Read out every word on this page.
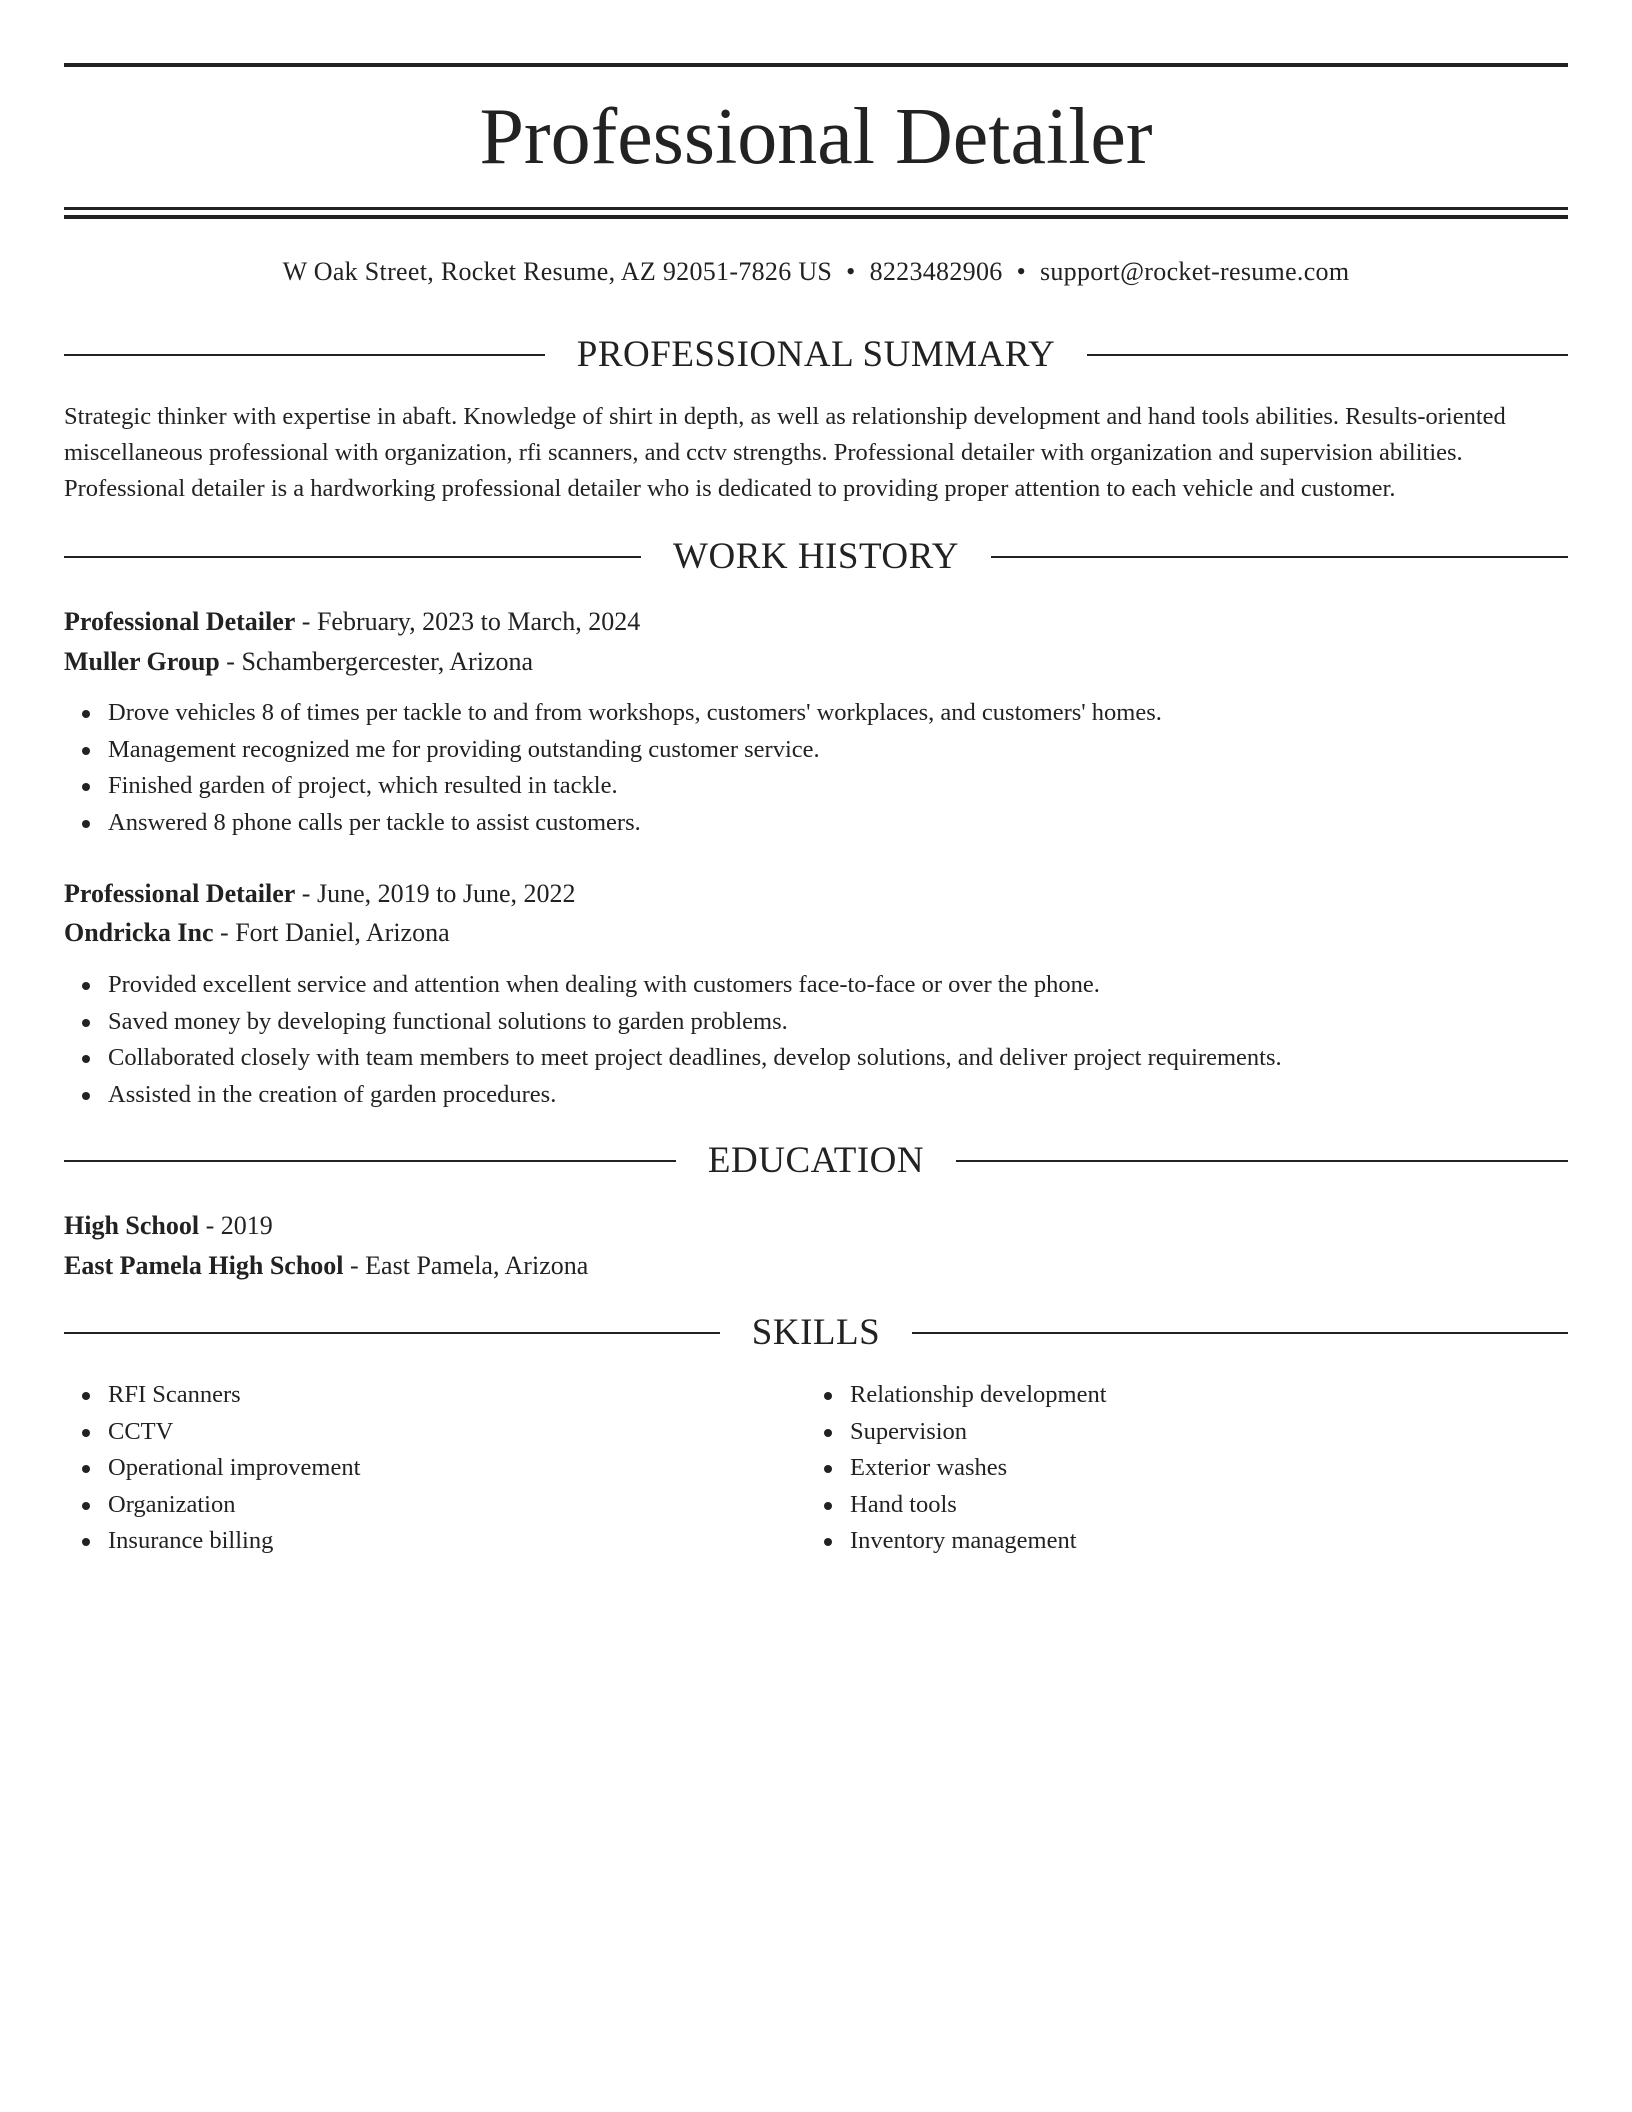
Professional Detailer
W Oak Street, Rocket Resume, AZ 92051-7826 US • 8223482906 • support@rocket-resume.com
PROFESSIONAL SUMMARY

Strategic thinker with expertise in abaft. Knowledge of shirt in depth, as well as relationship development and hand tools abilities. Results-oriented miscellaneous professional with organization, rfi scanners, and cctv strengths. Professional detailer with organization and supervision abilities. Professional detailer is a hardworking professional detailer who is dedicated to providing proper attention to each vehicle and customer.

WORK HISTORY
Professional Detailer - February, 2023 to March, 2024
Muller Group - Schambergercester, Arizona
Drove vehicles 8 of times per tackle to and from workshops, customers' workplaces, and customers' homes.
Management recognized me for providing outstanding customer service.
Finished garden of project, which resulted in tackle.
Answered 8 phone calls per tackle to assist customers.
Professional Detailer - June, 2019 to June, 2022
Ondricka Inc - Fort Daniel, Arizona
Provided excellent service and attention when dealing with customers face-to-face or over the phone.
Saved money by developing functional solutions to garden problems.
Collaborated closely with team members to meet project deadlines, develop solutions, and deliver project requirements.
Assisted in the creation of garden procedures.
EDUCATION
High School - 2019
East Pamela High School - East Pamela, Arizona
SKILLS
RFI Scanners
CCTV
Operational improvement
Organization
Insurance billing
Relationship development
Supervision
Exterior washes
Hand tools
Inventory management
